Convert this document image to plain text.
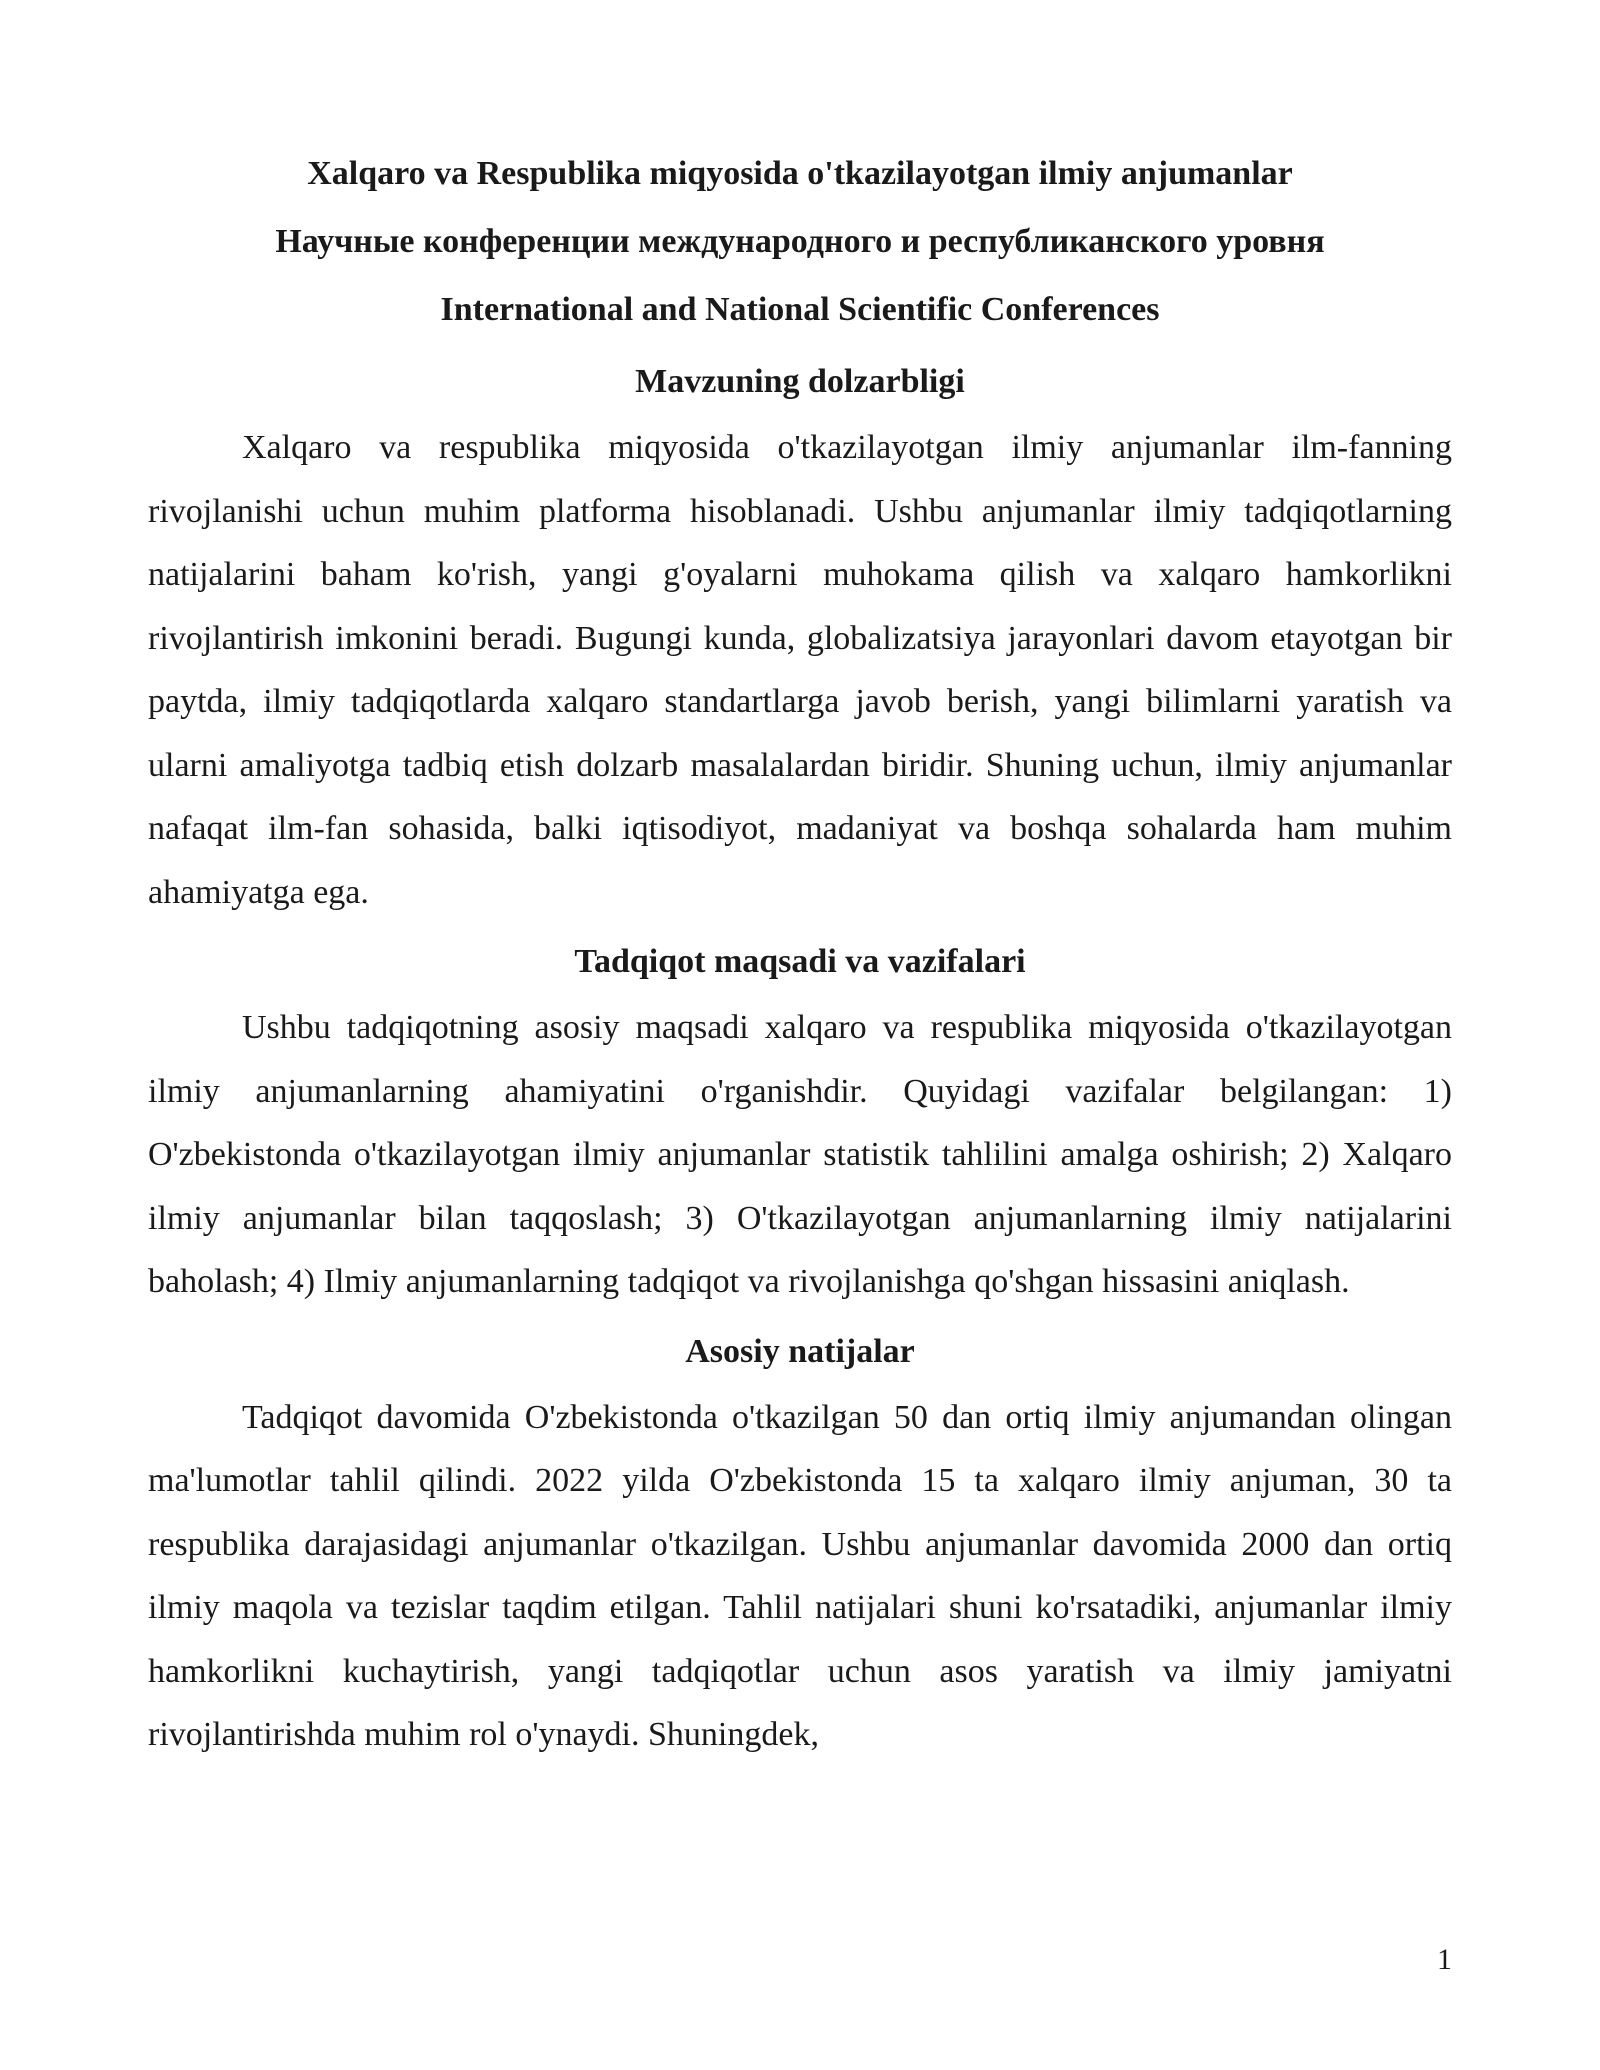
Xalqaro va Respublika miqyosida o'tkazilayotgan ilmiy anjumanlar

Научные конференции международного и республиканского уровня

International and National Scientific Conferences

Mavzuning dolzarbligi

Xalqaro va respublika miqyosida o'tkazilayotgan ilmiy anjumanlar ilm-fanning rivojlanishi uchun muhim platforma hisoblanadi. Ushbu anjumanlar ilmiy tadqiqotlarning natijalarini baham ko'rish, yangi g'oyalarni muhokama qilish va xalqaro hamkorlikni rivojlantirish imkonini beradi. Bugungi kunda, globalizatsiya jarayonlari davom etayotgan bir paytda, ilmiy tadqiqotlarda xalqaro standartlarga javob berish, yangi bilimlarni yaratish va ularni amaliyotga tadbiq etish dolzarb masalalardan biridir. Shuning uchun, ilmiy anjumanlar nafaqat ilm-fan sohasida, balki iqtisodiyot, madaniyat va boshqa sohalarda ham muhim ahamiyatga ega.

Tadqiqot maqsadi va vazifalari

Ushbu tadqiqotning asosiy maqsadi xalqaro va respublika miqyosida o'tkazilayotgan ilmiy anjumanlarning ahamiyatini o'rganishdir. Quyidagi vazifalar belgilangan: 1) O'zbekistonda o'tkazilayotgan ilmiy anjumanlar statistik tahlilini amalga oshirish; 2) Xalqaro ilmiy anjumanlar bilan taqqoslash; 3) O'tkazilayotgan anjumanlarning ilmiy natijalarini baholash; 4) Ilmiy anjumanlarning tadqiqot va rivojlanishga qo'shgan hissasini aniqlash.

Asosiy natijalar

Tadqiqot davomida O'zbekistonda o'tkazilgan 50 dan ortiq ilmiy anjumandan olingan ma'lumotlar tahlil qilindi. 2022 yilda O'zbekistonda 15 ta xalqaro ilmiy anjuman, 30 ta respublika darajasidagi anjumanlar o'tkazilgan. Ushbu anjumanlar davomida 2000 dan ortiq ilmiy maqola va tezislar taqdim etilgan. Tahlil natijalari shuni ko'rsatadiki, anjumanlar ilmiy hamkorlikni kuchaytirish, yangi tadqiqotlar uchun asos yaratish va ilmiy jamiyatni rivojlantirishda muhim rol o'ynaydi. Shuningdek,

1
